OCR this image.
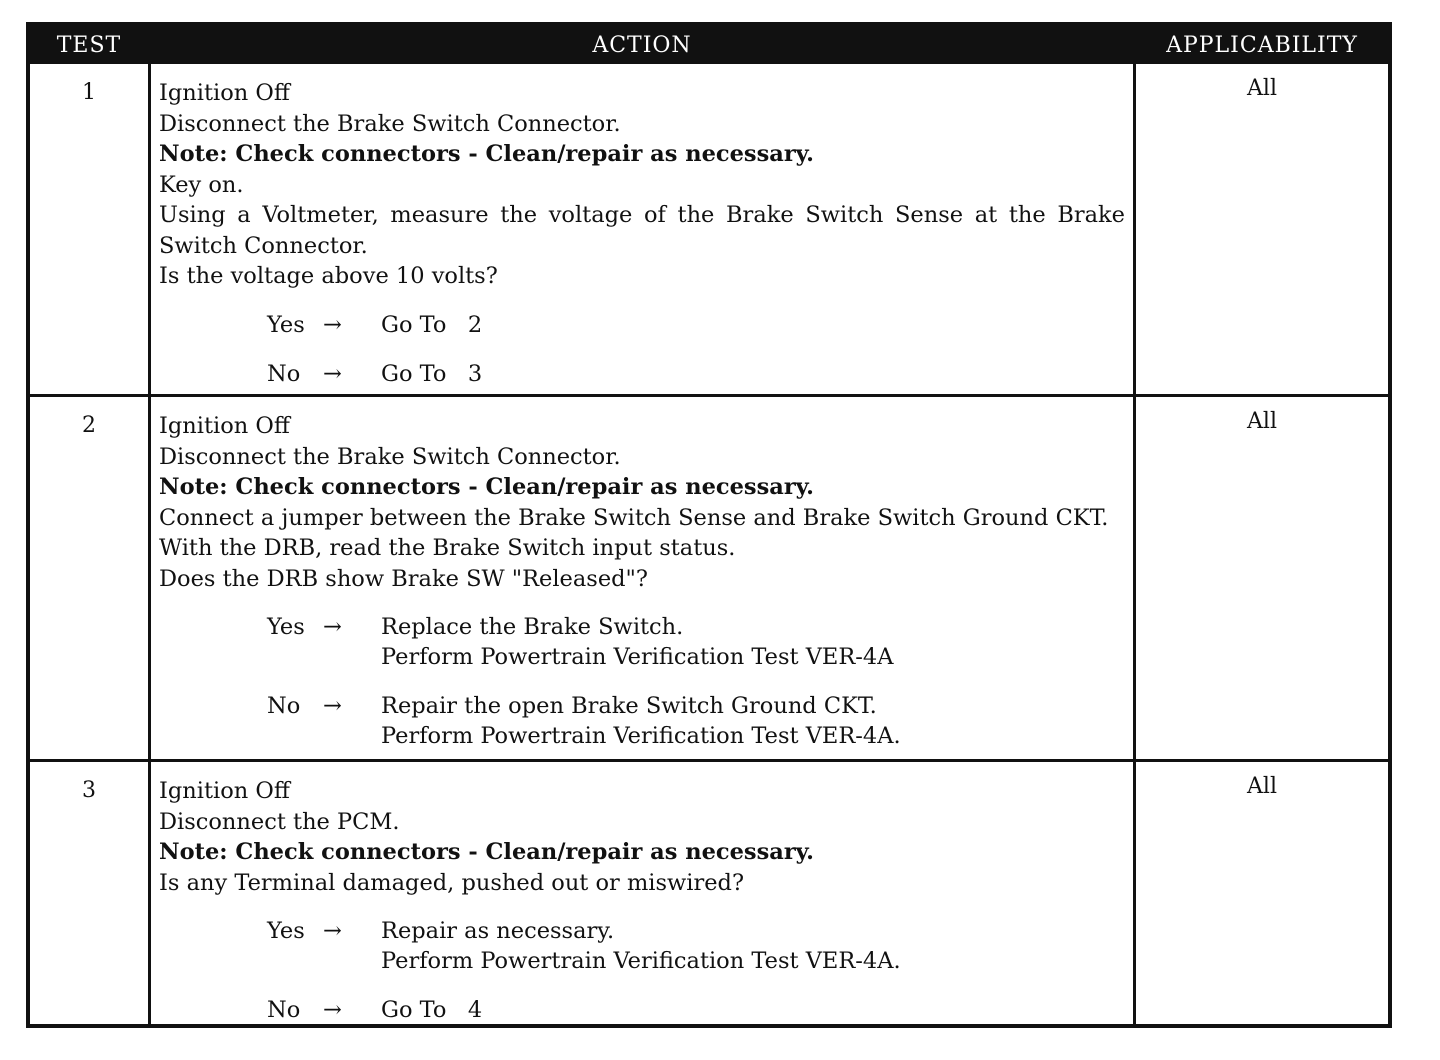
TEST	ACTION	APPLICABILITY
1	Ignition Off
Disconnect the Brake Switch Connector.
Note: Check connectors - Clean/repair as necessary.
Key on.
Using a Voltmeter, measure the voltage of the Brake Switch Sense at the Brake Switch Connector.
Is the voltage above 10 volts?
Yes →	Go To   2
No	→	Go To   3
All
2	Ignition Off
Disconnect the Brake Switch Connector.
Note: Check connectors - Clean/repair as necessary.
Connect a jumper between the Brake Switch Sense and Brake Switch Ground CKT.
With the DRB, read the Brake Switch input status.
Does the DRB show Brake SW "Released"?
Yes →	Replace the Brake Switch.
Perform Powertrain Verification Test VER-4A
No	→	Repair the open Brake Switch Ground CKT.
Perform Powertrain Verification Test VER-4A.
All
3	Ignition Off
Disconnect the PCM.
Note: Check connectors - Clean/repair as necessary.
Is any Terminal damaged, pushed out or miswired?
Yes →	Repair as necessary.
Perform Powertrain Verification Test VER-4A.
No	→	Go To   4
All
